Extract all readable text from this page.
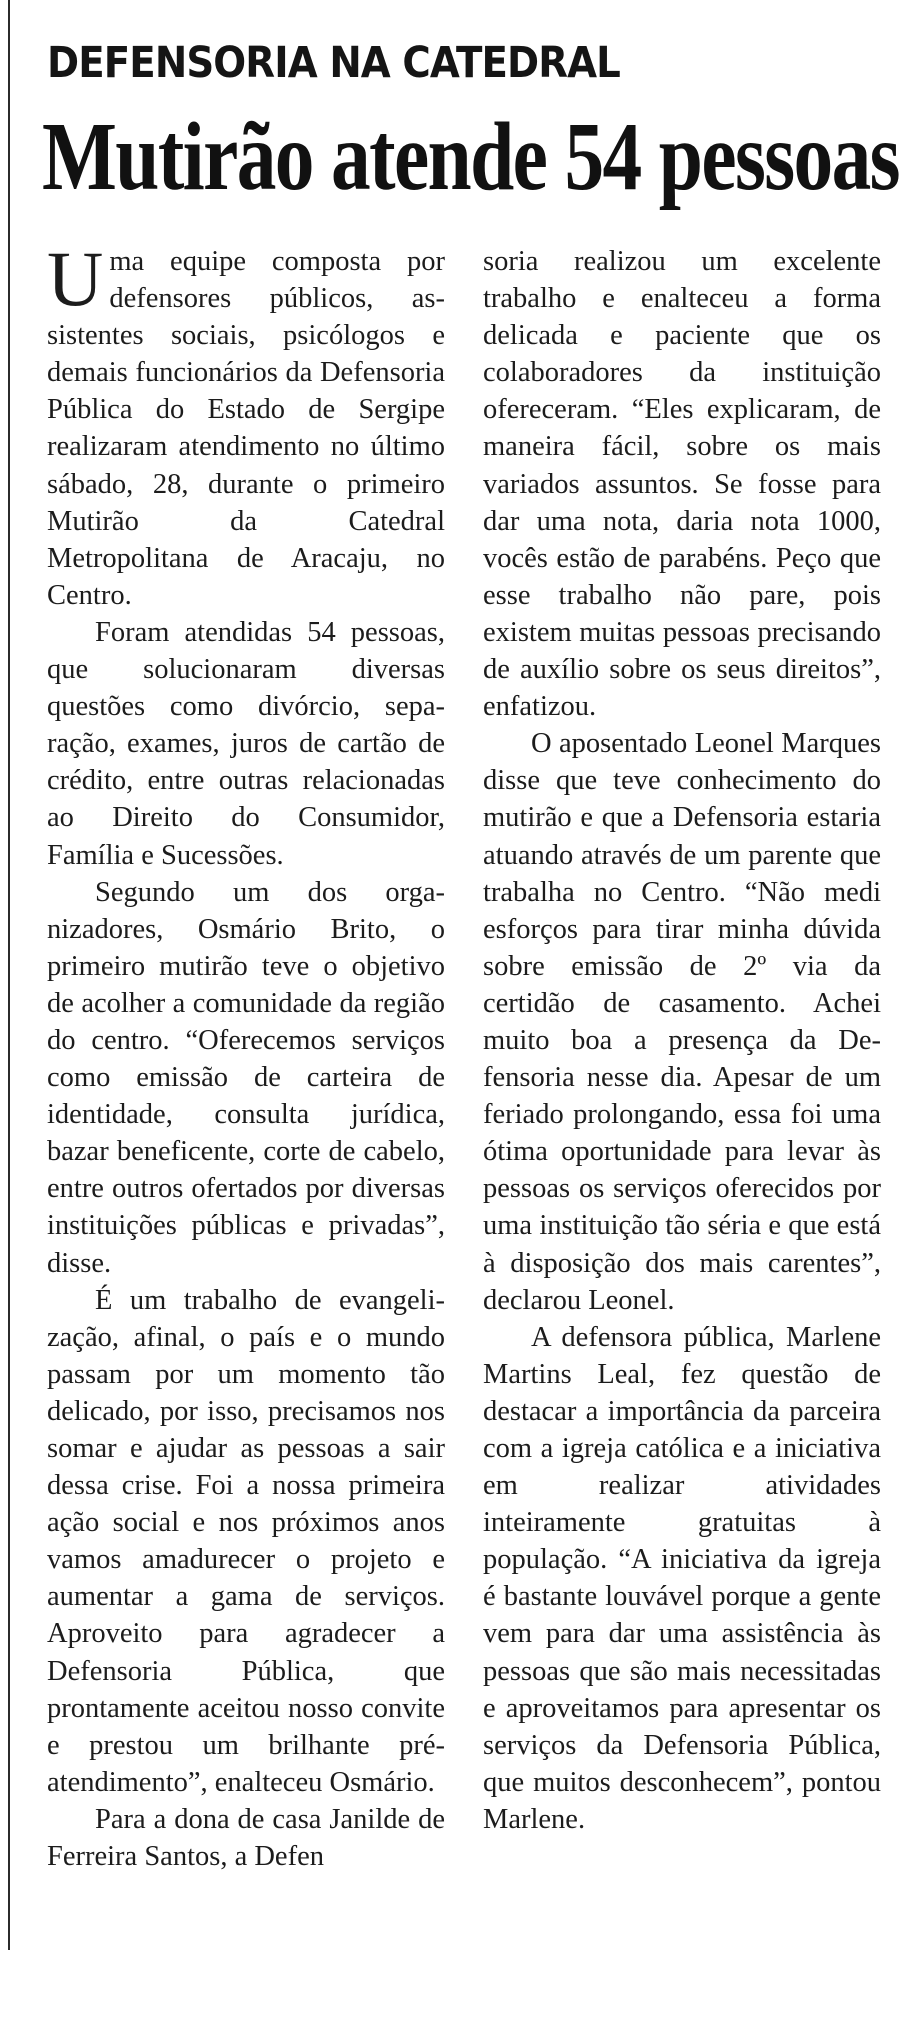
DEFENSORIA NA CATEDRAL
Mutirão atende 54 pessoas

Uma equipe composta por defensores públicos, assistentes sociais, psicólogos e demais funcionários da Defensoria Pública do Estado de Sergipe realizaram atendimento no último sábado, 28, durante o primeiro Mutirão da Catedral Metropolitana de Aracaju, no Centro.

Foram atendidas 54 pessoas, que solucionaram diversas questões como divórcio, separação, exames, juros de cartão de crédito, entre outras relacionadas ao Direito do Consumidor, Família e Sucessões.

Segundo um dos organizadores, Osmário Brito, o primeiro mutirão teve o objetivo de acolher a comunidade da região do centro. “Oferecemos serviços como emissão de carteira de identidade, consulta jurídica, bazar beneficente, corte de cabelo, entre outros ofertados por diversas instituições públicas e privadas”, disse.

É um trabalho de evangelização, afinal, o país e o mundo passam por um momento tão delicado, por isso, precisamos nos somar e ajudar as pessoas a sair dessa crise. Foi a nossa primeira ação social e nos próximos anos vamos amadurecer o projeto e aumentar a gama de serviços. Aproveito para agradecer a Defensoria Pública, que prontamente aceitou nosso convite e prestou um brilhante pré-atendimento”, enalteceu Osmário.

Para a dona de casa Janilde de Ferreira Santos, a Defen

soria realizou um excelente trabalho e enalteceu a forma delicada e paciente que os colaboradores da instituição ofereceram. “Eles explicaram, de maneira fácil, sobre os mais variados assuntos. Se fosse para dar uma nota, daria nota 1000, vocês estão de parabéns. Peço que esse trabalho não pare, pois existem muitas pessoas precisando de auxílio sobre os seus direitos”, enfatizou.

O aposentado Leonel Marques disse que teve conhecimento do mutirão e que a Defensoria estaria atuando através de um parente que trabalha no Centro. “Não medi esforços para tirar minha dúvida sobre emissão de 2º via da certidão de casamento. Achei muito boa a presença da Defensoria nesse dia. Apesar de um feriado prolongando, essa foi uma ótima oportunidade para levar às pessoas os serviços oferecidos por uma instituição tão séria e que está à disposição dos mais carentes”, declarou Leonel.

A defensora pública, Marlene Martins Leal, fez questão de destacar a importância da parceira com a igreja católica e a iniciativa em realizar atividades inteiramente gratuitas à população. “A iniciativa da igreja é bastante louvável porque a gente vem para dar uma assistência às pessoas que são mais necessitadas e aproveitamos para apresentar os serviços da Defensoria Pública, que muitos desconhecem”, pontou Marlene.
